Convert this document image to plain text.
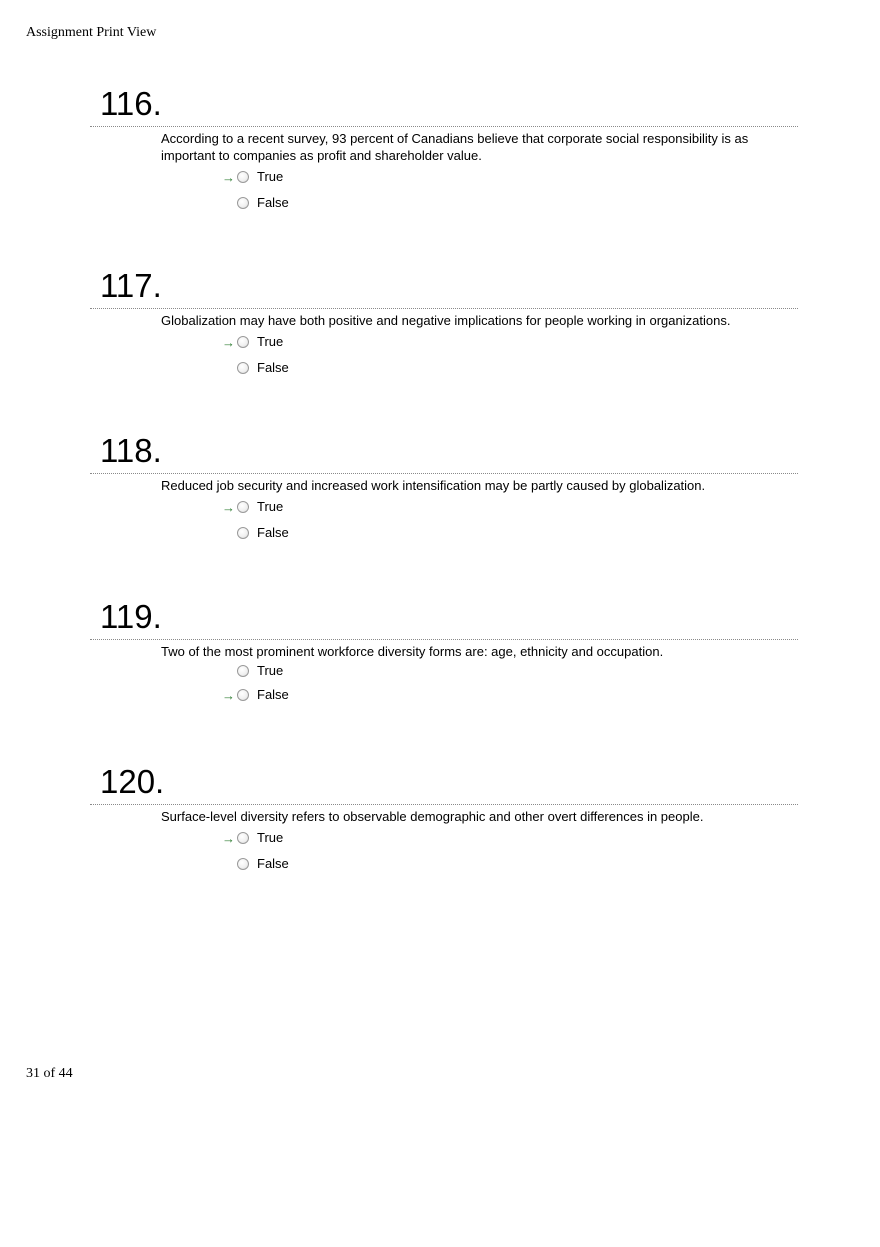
Assignment Print View
116.
According to a recent survey, 93 percent of Canadians believe that corporate social responsibility is as important to companies as profit and shareholder value.
→ True
False
117.
Globalization may have both positive and negative implications for people working in organizations.
→ True
False
118.
Reduced job security and increased work intensification may be partly caused by globalization.
→ True
False
119.
Two of the most prominent workforce diversity forms are: age, ethnicity and occupation.
True
→ False
120.
Surface-level diversity refers to observable demographic and other overt differences in people.
→ True
False
31 of 44
